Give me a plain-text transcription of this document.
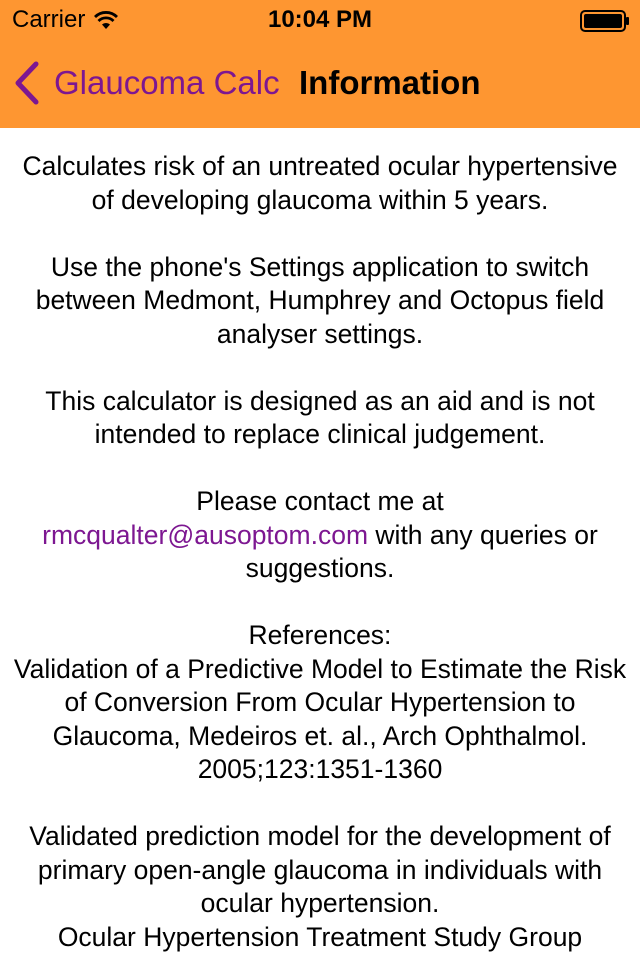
Carrier	10:04 PM
Glaucoma Calc Information

Calculates risk of an untreated ocular hypertensive of developing glaucoma within 5 years.

Use the phone's Settings application to switch between Medmont, Humphrey and Octopus field analyser settings.

This calculator is designed as an aid and is not intended to replace clinical judgement.

Please contact me at
rmcqualter@ausoptom.com with any queries or suggestions.

References:
Validation of a Predictive Model to Estimate the Risk of Conversion From Ocular Hypertension to Glaucoma, Medeiros et. al., Arch Ophthalmol. 2005;123:1351-1360

Validated prediction model for the development of primary open-angle glaucoma in individuals with ocular hypertension.
Ocular Hypertension Treatment Study Group
